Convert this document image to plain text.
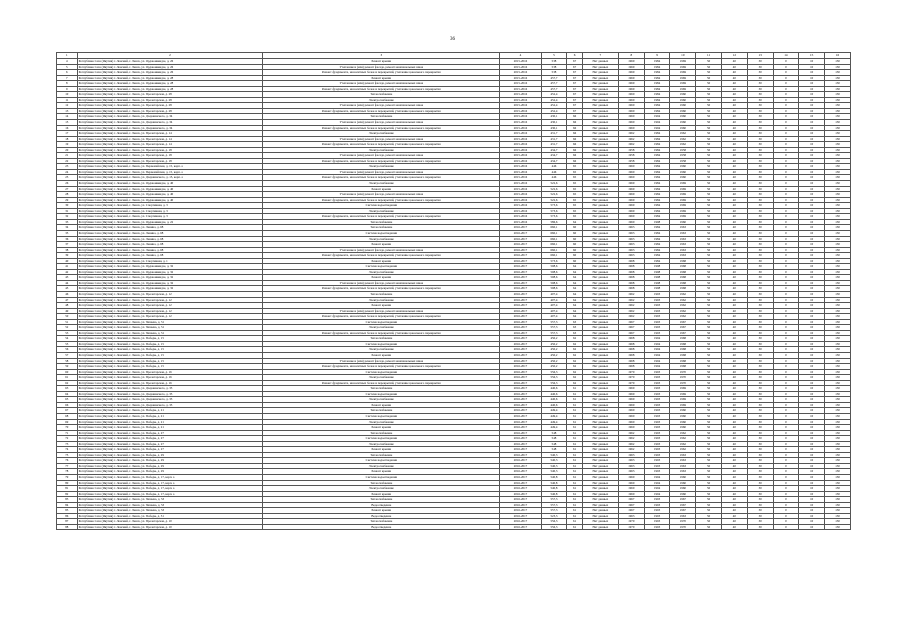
36
1	2	3	4	5	6	7	8	9	10	11	12	13	14	15	16
4	Республика Саха (Якутия) г. Ленский, г. Ленск, ул. Орджоникидзе, д. 26	Ремонт крыши	2015-2016	538	67	Нет данных	1969	1984	1969	50	40	30	0	10	130
5	Республика Саха (Якутия) г. Ленский, г. Ленск, ул. Орджоникидзе, д. 26	Утепление и (или) ремонт фасада, ремонт межпанельных швов	2015-2016	538	67	Нет данных	1969	1984	1969	50	40	30	0	10	130
6	Республика Саха (Якутия) г. Ленский, г. Ленск, ул. Орджоникидзе, д. 26	Ремонт фундамента, монолитных балок и перекрытий, утепление цокольного перекрытия	2015-2016	538	67	Нет данных	1969	1984	1969	50	40	30	0	10	130
7	Республика Саха (Якутия) г. Ленский, г. Ленск, ул. Орджоникидзе, д. 28	Ремонт крыши	2015-2016	457,7	67	Нет данных	1969	1984	1969	50	40	30	0	10	130
8	Республика Саха (Якутия) г. Ленский, г. Ленск, ул. Орджоникидзе, д. 28	Утепление и (или) ремонт фасада, ремонт межпанельных швов	2015-2016	457,7	67	Нет данных	1969	1984	1969	50	40	30	0	10	130
9	Республика Саха (Якутия) г. Ленский, г. Ленск, ул. Орджоникидзе, д. 28	Ремонт фундамента, монолитных балок и перекрытий, утепление цокольного перекрытия	2015-2016	457,7	67	Нет данных	1969	1984	1969	50	40	30	0	10	130
10	Республика Саха (Якутия) г. Ленский, г. Ленск, ул. Пролетарская, д. 28	Теплоснабжение	2015-2016	452,4	67	Нет данных	1960	1984	1960	50	40	30	0	10	130
11	Республика Саха (Якутия) г. Ленский, г. Ленск, ул. Пролетарская, д. 28	Электроснабжение	2015-2016	452,4	67	Нет данных	1960	1984	1960	50	40	30	0	10	130
12	Республика Саха (Якутия) г. Ленский, г. Ленск, ул. Пролетарская, д. 28	Утепление и (или) ремонт фасада, ремонт межпанельных швов	2015-2016	452,4	67	Нет данных	1960	1984	1960	50	40	30	0	10	130
13	Республика Саха (Якутия) г. Ленский, г. Ленск, ул. Пролетарская, д. 28	Ремонт фундамента, монолитных балок и перекрытий, утепление цокольного перекрытия	2015-2016	452,4	67	Нет данных	1960	1984	1960	50	40	30	0	10	130
14	Республика Саха (Якутия) г. Ленский, г. Ленск, ул. Дзержинского, д. 34	Теплоснабжение	2015-2016	430,1	66	Нет данных	1960	1994	1960	50	40	30	0	10	130
15	Республика Саха (Якутия) г. Ленский, г. Ленск, ул. Дзержинского, д. 34	Утепление и (или) ремонт фасада, ремонт межпанельных швов	2015-2016	430,1	66	Нет данных	1960	1994	1960	50	40	30	0	10	130
16	Республика Саха (Якутия) г. Ленский, г. Ленск, ул. Дзержинского, д. 34	Ремонт фундамента, монолитных балок и перекрытий, утепление цокольного перекрытия	2015-2016	430,1	66	Нет данных	1960	1994	1960	50	40	30	0	10	130
17	Республика Саха (Якутия) г. Ленский, г. Ленск, ул. Пролетарская, д. 14	Электроснабжение	2015-2016	431,7	66	Нет данных	1962	1984	1962	50	40	30	0	10	130
18	Республика Саха (Якутия) г. Ленский, г. Ленск, ул. Пролетарская, д. 14	Утепление и (или) ремонт фасада, ремонт межпанельных швов	2015-2016	431,7	66	Нет данных	1962	1984	1962	50	40	30	0	10	130
19	Республика Саха (Якутия) г. Ленский, г. Ленск, ул. Пролетарская, д. 14	Ремонт фундамента, монолитных балок и перекрытий, утепление цокольного перекрытия	2015-2016	431,7	66	Нет данных	1962	1984	1962	50	40	30	0	10	130
20	Республика Саха (Якутия) г. Ленский, г. Ленск, ул. Пролетарская, д. 18	Электроснабжение	2015-2016	434,7	66	Нет данных	1958	1984	1958	50	40	30	0	10	130
21	Республика Саха (Якутия) г. Ленский, г. Ленск, ул. Пролетарская, д. 18	Утепление и (или) ремонт фасада, ремонт межпанельных швов	2015-2016	434,7	66	Нет данных	1958	1984	1958	50	40	30	0	10	130
22	Республика Саха (Якутия) г. Ленский, г. Ленск, ул. Пролетарская, д. 18	Ремонт фундамента, монолитных балок и перекрытий, утепление цокольного перекрытия	2015-2016	434,7	66	Нет данных	1958	1984	1958	50	40	30	0	10	130
23	Республика Саха (Якутия) г. Ленский, г. Ленск, ул. Первомайская, д. 15, корп. а	Электроснабжение	2015-2016	446	65	Нет данных	1960	1984	1960	50	40	30	0	10	130
24	Республика Саха (Якутия) г. Ленский, г. Ленск, ул. Первомайская, д. 15, корп. а	Утепление и (или) ремонт фасада, ремонт межпанельных швов	2015-2016	446	65	Нет данных	1960	1984	1960	50	40	30	0	10	130
25	Республика Саха (Якутия) г. Ленский, г. Ленск, ул. Дзержинского, д. 15, корп. а	Ремонт фундамента, монолитных балок и перекрытий, утепление цокольного перекрытия	2015-2016	446	65	Нет данных	1960	1984	1960	50	40	30	0	10	130
26	Республика Саха (Якутия) г. Ленский, г. Ленск, ул. Орджоникидзе, д. 40	Электроснабжение	2015-2016	522,6	65	Нет данных	1969	1984	1969	50	40	30	0	10	130
27	Республика Саха (Якутия) г. Ленский, г. Ленск, ул. Орджоникидзе, д. 40	Ремонт крыши	2015-2016	522,6	65	Нет данных	1969	1984	1969	50	40	30	0	10	130
28	Республика Саха (Якутия) г. Ленский, г. Ленск, ул. Орджоникидзе, д. 40	Утепление и (или) ремонт фасада, ремонт межпанельных швов	2015-2016	522,6	65	Нет данных	1969	1984	1969	50	40	30	0	10	130
29	Республика Саха (Якутия) г. Ленский, г. Ленск, ул. Орджоникидзе, д. 40	Ремонт фундамента, монолитных балок и перекрытий, утепление цокольного перекрытия	2015-2016	522,6	65	Нет данных	1969	1984	1969	50	40	30	0	10	130
30	Республика Саха (Якутия) г. Ленский, г. Ленск, ул. Спортивная, д. 3	Система водоотведения	2015-2016	573,6	65	Нет данных	1969	1984	1969	50	40	30	0	10	130
31	Республика Саха (Якутия) г. Ленский, г. Ленск, ул. Спортивная, д. 3	Электроснабжение	2015-2016	573,6	65	Нет данных	1969	1984	1969	50	40	30	0	10	130
32	Республика Саха (Якутия) г. Ленский, г. Ленск, ул. Спортивная, д. 3	Ремонт фундамента, монолитных балок и перекрытий, утепление цокольного перекрытия	2015-2016	573,6	65	Нет данных	1969	1984	1969	50	40	30	0	10	130
33	Республика Саха (Якутия) г. Ленский, г. Ленск, ул. Орджоникидзе, д. 22	Теплоснабжение	2015-2016	586,6	64	Нет данных	1960	1998	1960	50	40	30	0	10	130
34	Республика Саха (Якутия) г. Ленский, г. Ленск, ул. Ленина, д. 68	Теплоснабжение	2016-2017	660,1	60	Нет данных	1963	1984	1963	50	40	30	0	10	130
35	Республика Саха (Якутия) г. Ленский, г. Ленск, ул. Ленина, д. 68	Система водоотведения	2016-2017	660,1	60	Нет данных	1963	1984	1963	50	40	30	0	10	130
36	Республика Саха (Якутия) г. Ленский, г. Ленск, ул. Ленина, д. 68	Электроснабжение	2016-2017	660,1	60	Нет данных	1963	1984	1963	50	40	30	0	10	130
37	Республика Саха (Якутия) г. Ленский, г. Ленск, ул. Ленина, д. 68	Ремонт крыши	2016-2017	660,1	60	Нет данных	1963	1984	1963	50	40	30	0	10	130
38	Республика Саха (Якутия) г. Ленский, г. Ленск, ул. Ленина, д. 68	Утепление и (или) ремонт фасада, ремонт межпанельных швов	2016-2017	660,1	60	Нет данных	1963	1984	1963	50	40	30	0	10	130
39	Республика Саха (Якутия) г. Ленский, г. Ленск, ул. Ленина, д. 68	Ремонт фундамента, монолитных балок и перекрытий, утепление цокольного перекрытия	2016-2017	660,1	60	Нет данных	1963	1984	1963	50	40	30	0	10	130
40	Республика Саха (Якутия) г. Ленский, г. Ленск, ул. Спортивная, д. 1	Ремонт крыши	2016-2017	573,6	60	Нет данных	1968	1984	1968	50	40	30	0	10	130
41	Республика Саха (Якутия) г. Ленский, г. Ленск, ул. Орджоникидзе, д. 32	Система водоотведения	2016-2017	508,6	64	Нет данных	1968	1998	1968	50	40	30	0	10	130
42	Республика Саха (Якутия) г. Ленский, г. Ленск, ул. Орджоникидзе, д. 32	Электроснабжение	2016-2017	508,6	64	Нет данных	1968	1998	1968	50	40	30	0	10	130
43	Республика Саха (Якутия) г. Ленский, г. Ленск, ул. Орджоникидзе, д. 32	Ремонт крыши	2016-2017	508,6	64	Нет данных	1968	1998	1968	50	40	30	0	10	130
44	Республика Саха (Якутия) г. Ленский, г. Ленск, ул. Орджоникидзе, д. 32	Утепление и (или) ремонт фасада, ремонт межпанельных швов	2016-2017	508,6	64	Нет данных	1968	1998	1968	50	40	30	0	10	130
45	Республика Саха (Якутия) г. Ленский, г. Ленск, ул. Орджоникидзе, д. 32	Ремонт фундамента, монолитных балок и перекрытий, утепление цокольного перекрытия	2016-2017	508,6	64	Нет данных	1968	1998	1968	50	40	30	0	10	130
46	Республика Саха (Якутия) г. Ленский, г. Ленск, ул. Пролетарская, д. 12	Теплоснабжение	2016-2017	407,4	64	Нет данных	1962	1993	1962	50	40	30	0	10	130
47	Республика Саха (Якутия) г. Ленский, г. Ленск, ул. Пролетарская, д. 12	Электроснабжение	2016-2017	407,4	64	Нет данных	1962	1993	1962	50	40	30	0	10	130
48	Республика Саха (Якутия) г. Ленский, г. Ленск, ул. Пролетарская, д. 12	Ремонт крыши	2016-2017	407,4	64	Нет данных	1962	1993	1962	50	40	30	0	10	130
49	Республика Саха (Якутия) г. Ленский, г. Ленск, ул. Пролетарская, д. 12	Утепление и (или) ремонт фасада, ремонт межпанельных швов	2016-2017	407,4	64	Нет данных	1962	1993	1962	50	40	30	0	10	130
50	Республика Саха (Якутия) г. Ленский, г. Ленск, ул. Пролетарская, д. 12	Ремонт фундамента, монолитных балок и перекрытий, утепление цокольного перекрытия	2016-2017	407,4	64	Нет данных	1962	1993	1962	50	40	30	0	10	130
51	Республика Саха (Якутия) г. Ленский, г. Ленск, ул. Чапаева, д. 51	Система водоотведения	2016-2017	557,3	63	Нет данных	1967	1993	1967	50	40	30	0	10	130
52	Республика Саха (Якутия) г. Ленский, г. Ленск, ул. Чапаева, д. 51	Электроснабжение	2016-2017	557,3	63	Нет данных	1967	1993	1967	50	40	30	0	10	130
53	Республика Саха (Якутия) г. Ленский, г. Ленск, ул. Чапаева, д. 51	Ремонт фундамента, монолитных балок и перекрытий, утепление цокольного перекрытия	2016-2017	557,3	63	Нет данных	1967	1993	1967	50	40	30	0	10	130
54	Республика Саха (Якутия) г. Ленский, г. Ленск, ул. Победы, д. 15	Теплоснабжение	2016-2017	450,2	62	Нет данных	1968	1994	1968	50	40	30	0	10	130
55	Республика Саха (Якутия) г. Ленский, г. Ленск, ул. Победы, д. 15	Система водоотведения	2016-2017	450,2	62	Нет данных	1968	1994	1968	50	40	30	0	10	130
56	Республика Саха (Якутия) г. Ленский, г. Ленск, ул. Победы, д. 15	Электроснабжение	2016-2017	450,2	62	Нет данных	1968	1994	1968	50	40	30	0	10	130
57	Республика Саха (Якутия) г. Ленский, г. Ленск, ул. Победы, д. 15	Ремонт крыши	2016-2017	450,2	62	Нет данных	1968	1994	1968	50	40	30	0	10	130
58	Республика Саха (Якутия) г. Ленский, г. Ленск, ул. Победы, д. 15	Утепление и (или) ремонт фасада, ремонт межпанельных швов	2016-2017	450,2	62	Нет данных	1968	1994	1968	50	40	30	0	10	130
59	Республика Саха (Якутия) г. Ленский, г. Ленск, ул. Победы, д. 15	Ремонт фундамента, монолитных балок и перекрытий, утепление цокольного перекрытия	2016-2017	450,2	62	Нет данных	1968	1994	1968	50	40	30	0	10	130
60	Республика Саха (Якутия) г. Ленский, г. Ленск, ул. Пролетарская, д. 16	Система водоотведения	2016-2017	556,3	62	Нет данных	1970	1993	1970	50	40	30	0	10	130
61	Республика Саха (Якутия) г. Ленский, г. Ленск, ул. Пролетарская, д. 16	Электроснабжение	2016-2017	556,3	62	Нет данных	1970	1993	1970	50	40	30	0	10	130
62	Республика Саха (Якутия) г. Ленский, г. Ленск, ул. Пролетарская, д. 16	Ремонт фундамента, монолитных балок и перекрытий, утепление цокольного перекрытия	2016-2017	556,3	62	Нет данных	1970	1993	1970	50	40	30	0	10	130
63	Республика Саха (Якутия) г. Ленский, г. Ленск, ул. Дзержинского, д. 33	Теплоснабжение	2016-2017	440,6	61	Нет данных	1969	1993	1969	50	40	30	0	10	130
64	Республика Саха (Якутия) г. Ленский, г. Ленск, ул. Дзержинского, д. 33	Система водоотведения	2016-2017	440,6	61	Нет данных	1969	1993	1969	50	40	30	0	10	130
65	Республика Саха (Якутия) г. Ленский, г. Ленск, ул. Дзержинского, д. 33	Электроснабжение	2016-2017	440,6	61	Нет данных	1969	1993	1969	50	40	30	0	10	130
66	Республика Саха (Якутия) г. Ленский, г. Ленск, ул. Дзержинского, д. 33	Ремонт крыши	2016-2017	440,6	61	Нет данных	1969	1993	1969	50	40	30	0	10	130
67	Республика Саха (Якутия) г. Ленский, г. Ленск, ул. Победы, д. 21	Теплоснабжение	2016-2017	449,4	61	Нет данных	1960	1993	1960	50	40	30	0	10	130
68	Республика Саха (Якутия) г. Ленский, г. Ленск, ул. Победы, д. 21	Система водоотведения	2016-2017	449,4	61	Нет данных	1960	1993	1960	50	40	30	0	10	130
69	Республика Саха (Якутия) г. Ленский, г. Ленск, ул. Победы, д. 21	Электроснабжение	2016-2017	449,4	61	Нет данных	1960	1993	1960	50	40	30	0	10	130
70	Республика Саха (Якутия) г. Ленский, г. Ленск, ул. Победы, д. 21	Ремонт крыши	2016-2017	449,4	61	Нет данных	1960	1993	1960	50	40	30	0	10	130
71	Республика Саха (Якутия) г. Ленский, г. Ленск, ул. Победы, д. 27	Теплоснабжение	2016-2017	548	61	Нет данных	1962	1993	1962	50	40	30	0	10	130
72	Республика Саха (Якутия) г. Ленский, г. Ленск, ул. Победы, д. 27	Система водоотведения	2016-2017	548	61	Нет данных	1962	1993	1962	50	40	30	0	10	130
73	Республика Саха (Якутия) г. Ленский, г. Ленск, ул. Победы, д. 27	Электроснабжение	2016-2017	548	61	Нет данных	1962	1993	1962	50	40	30	0	10	130
74	Республика Саха (Якутия) г. Ленский, г. Ленск, ул. Победы, д. 27	Ремонт крыши	2016-2017	548	61	Нет данных	1962	1993	1962	50	40	30	0	10	130
75	Республика Саха (Якутия) г. Ленский, г. Ленск, ул. Победы, д. 29	Теплоснабжение	2016-2017	540,3	61	Нет данных	1963	1993	1963	50	40	30	0	10	130
76	Республика Саха (Якутия) г. Ленский, г. Ленск, ул. Победы, д. 29	Система водоотведения	2016-2017	540,3	61	Нет данных	1963	1993	1963	50	40	30	0	10	130
77	Республика Саха (Якутия) г. Ленский, г. Ленск, ул. Победы, д. 29	Электроснабжение	2016-2017	540,3	61	Нет данных	1963	1993	1963	50	40	30	0	10	130
78	Республика Саха (Якутия) г. Ленский, г. Ленск, ул. Победы, д. 29	Ремонт крыши	2016-2017	540,3	61	Нет данных	1963	1993	1963	50	40	30	0	10	130
79	Республика Саха (Якутия) г. Ленский, г. Ленск, ул. Победы, д. 17, корп. а	Система водоотведения	2016-2017	540,8	61	Нет данных	1960	1994	1960	50	40	30	0	10	130
80	Республика Саха (Якутия) г. Ленский, г. Ленск, ул. Победы, д. 17, корп. а	Теплоснабжение	2016-2017	540,8	61	Нет данных	1960	1994	1960	50	40	30	0	10	130
81	Республика Саха (Якутия) г. Ленский, г. Ленск, ул. Победы, д. 17, корп. а	Электроснабжение	2016-2017	540,8	61	Нет данных	1960	1994	1960	50	40	30	0	10	130
82	Республика Саха (Якутия) г. Ленский, г. Ленск, ул. Победы, д. 17, корп. а	Ремонт крыши	2016-2017	540,8	61	Нет данных	1960	1994	1960	50	40	30	0	10	130
83	Республика Саха (Якутия) г. Ленский, г. Ленск, ул. Чапаева, д. 53	Теплоснабжение	2016-2017	557,3	61	Нет данных	1967	1993	1967	50	40	30	0	10	130
84	Республика Саха (Якутия) г. Ленский, г. Ленск, ул. Чапаева, д. 53	Водоотведение	2016-2017	557,3	61	Нет данных	1967	1993	1967	50	40	30	0	10	130
85	Республика Саха (Якутия) г. Ленский, г. Ленск, ул. Чапаева, д. 53	Ремонт крыши	2016-2017	557,3	61	Нет данных	1967	1993	1967	50	40	30	0	10	130
86	Республика Саха (Якутия) г. Ленский, г. Ленск, ул. Победы, д. 31	Водоотведение	2016-2017	523,3	61	Нет данных	1963	1993	1963	50	40	30	0	10	130
87	Республика Саха (Якутия) г. Ленский, г. Ленск, ул. Пролетарская, д. 10	Теплоснабжение	2016-2017	556,3	61	Нет данных	1970	1993	1970	50	40	30	0	10	130
88	Республика Саха (Якутия) г. Ленский, г. Ленск, ул. Пролетарская, д. 10	Водоотведение	2016-2017	556,3	61	Нет данных	1970	1993	1970	50	40	30	0	10	130
